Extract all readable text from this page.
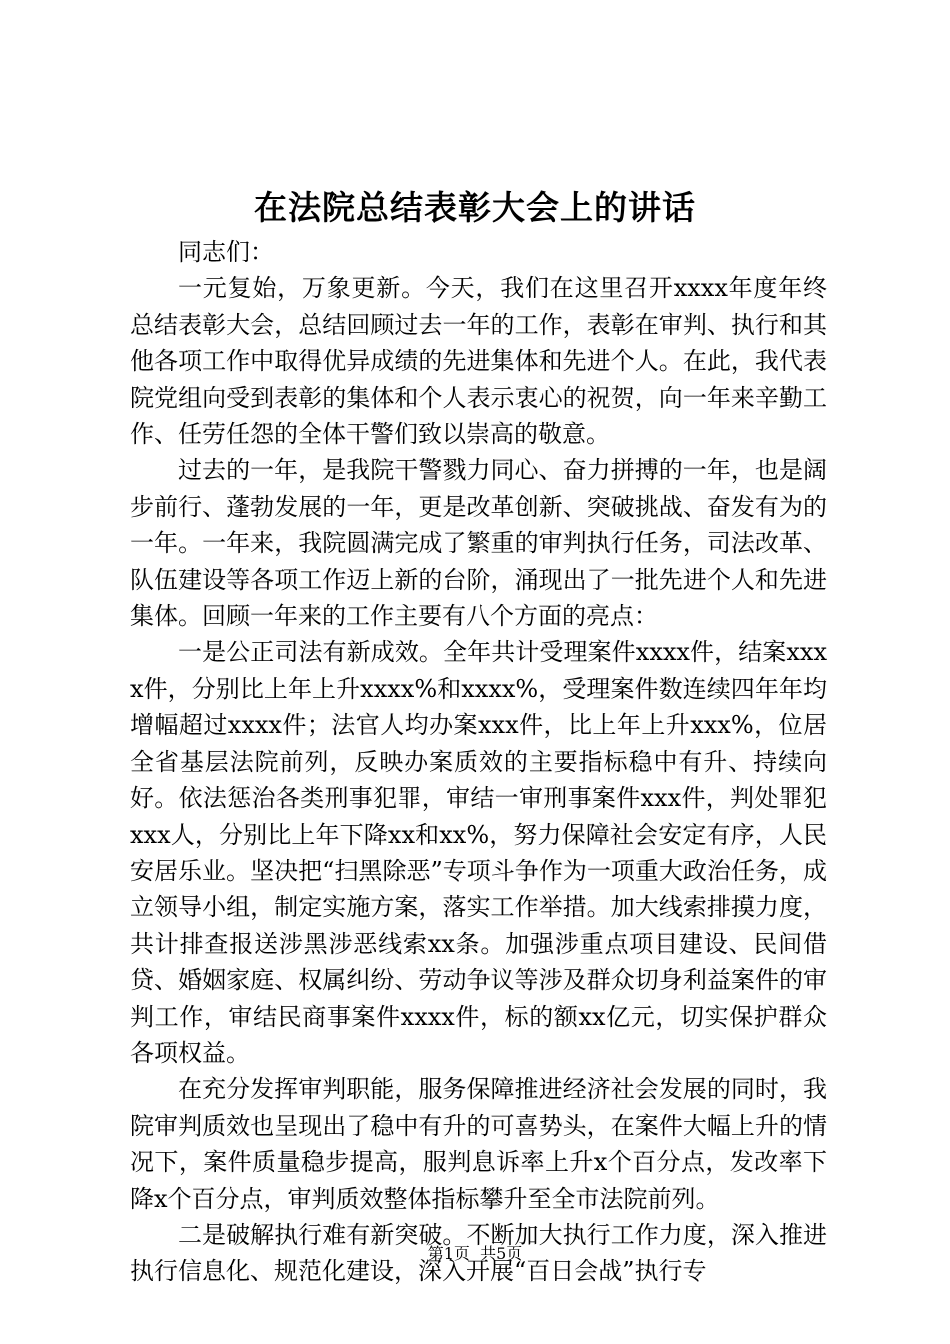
在法院总结表彰大会上的讲话

同志们：

一元复始，万象更新。今天，我们在这里召开xxxx年度年终总结表彰大会，总结回顾过去一年的工作，表彰在审判、执行和其他各项工作中取得优异成绩的先进集体和先进个人。在此，我代表院党组向受到表彰的集体和个人表示衷心的祝贺，向一年来辛勤工作、任劳任怨的全体干警们致以崇高的敬意。

过去的一年，是我院干警戮力同心、奋力拼搏的一年，也是阔步前行、蓬勃发展的一年，更是改革创新、突破挑战、奋发有为的一年。一年来，我院圆满完成了繁重的审判执行任务，司法改革、队伍建设等各项工作迈上新的台阶，涌现出了一批先进个人和先进集体。回顾一年来的工作主要有八个方面的亮点：

一是公正司法有新成效。全年共计受理案件xxxx件，结案xxxx件，分别比上年上升xxxx%和xxxx%，受理案件数连续四年年均增幅超过xxxx件；法官人均办案xxx件，比上年上升xxx%，位居全省基层法院前列，反映办案质效的主要指标稳中有升、持续向好。依法惩治各类刑事犯罪，审结一审刑事案件xxx件，判处罪犯xxx人，分别比上年下降xx和xx%，努力保障社会安定有序，人民安居乐业。坚决把“扫黑除恶”专项斗争作为一项重大政治任务，成立领导小组，制定实施方案，落实工作举措。加大线索排摸力度，共计排查报送涉黑涉恶线索xx条。加强涉重点项目建设、民间借贷、婚姻家庭、权属纠纷、劳动争议等涉及群众切身利益案件的审判工作，审结民商事案件xxxx件，标的额xx亿元，切实保护群众各项权益。

在充分发挥审判职能，服务保障推进经济社会发展的同时，我院审判质效也呈现出了稳中有升的可喜势头，在案件大幅上升的情况下，案件质量稳步提高，服判息诉率上升x个百分点，发改率下降x个百分点，审判质效整体指标攀升至全市法院前列。

二是破解执行难有新突破。不断加大执行工作力度，深入推进执行信息化、规范化建设，深入开展“百日会战”执行专

第1页 共5页
